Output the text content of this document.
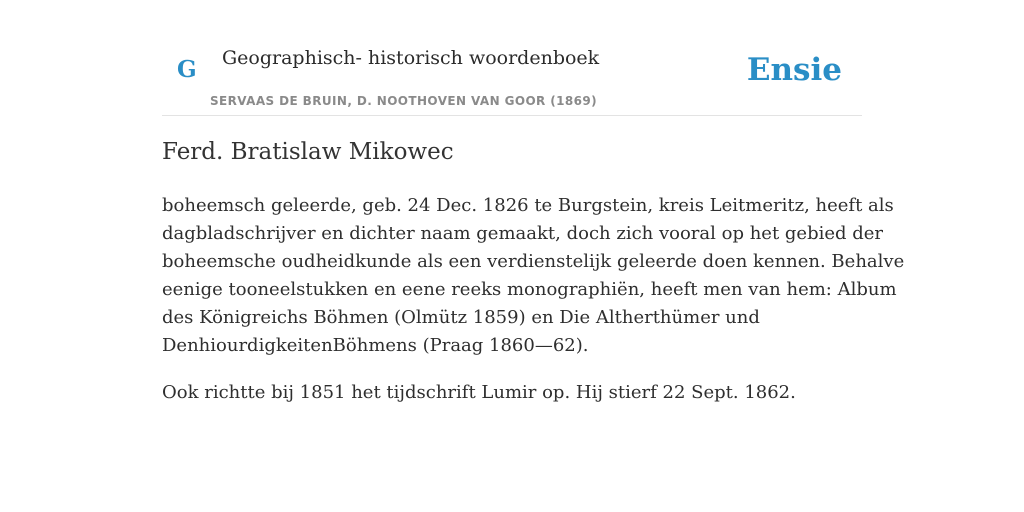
G Geographisch- historisch woordenboek
SERVAAS DE BRUIN, D. NOOTHOVEN VAN GOOR (1869)
Ensie
Ferd. Bratislaw Mikowec

boheemsch geleerde, geb. 24 Dec. 1826 te Burgstein, kreis Leitmeritz, heeft als
dagbladschrijver en dichter naam gemaakt, doch zich vooral op het gebied der
boheemsche oudheidkunde als een verdienstelijk geleerde doen kennen. Behalve
eenige tooneelstukken en eene reeks monographiën, heeft men van hem: Album
des Königreichs Böhmen (Olmütz 1859) en Die Altherthümer und
DenhiourdigkeitenBöhmens (Praag 1860—62).

Ook richtte bij 1851 het tijdschrift Lumir op. Hij stierf 22 Sept. 1862.
